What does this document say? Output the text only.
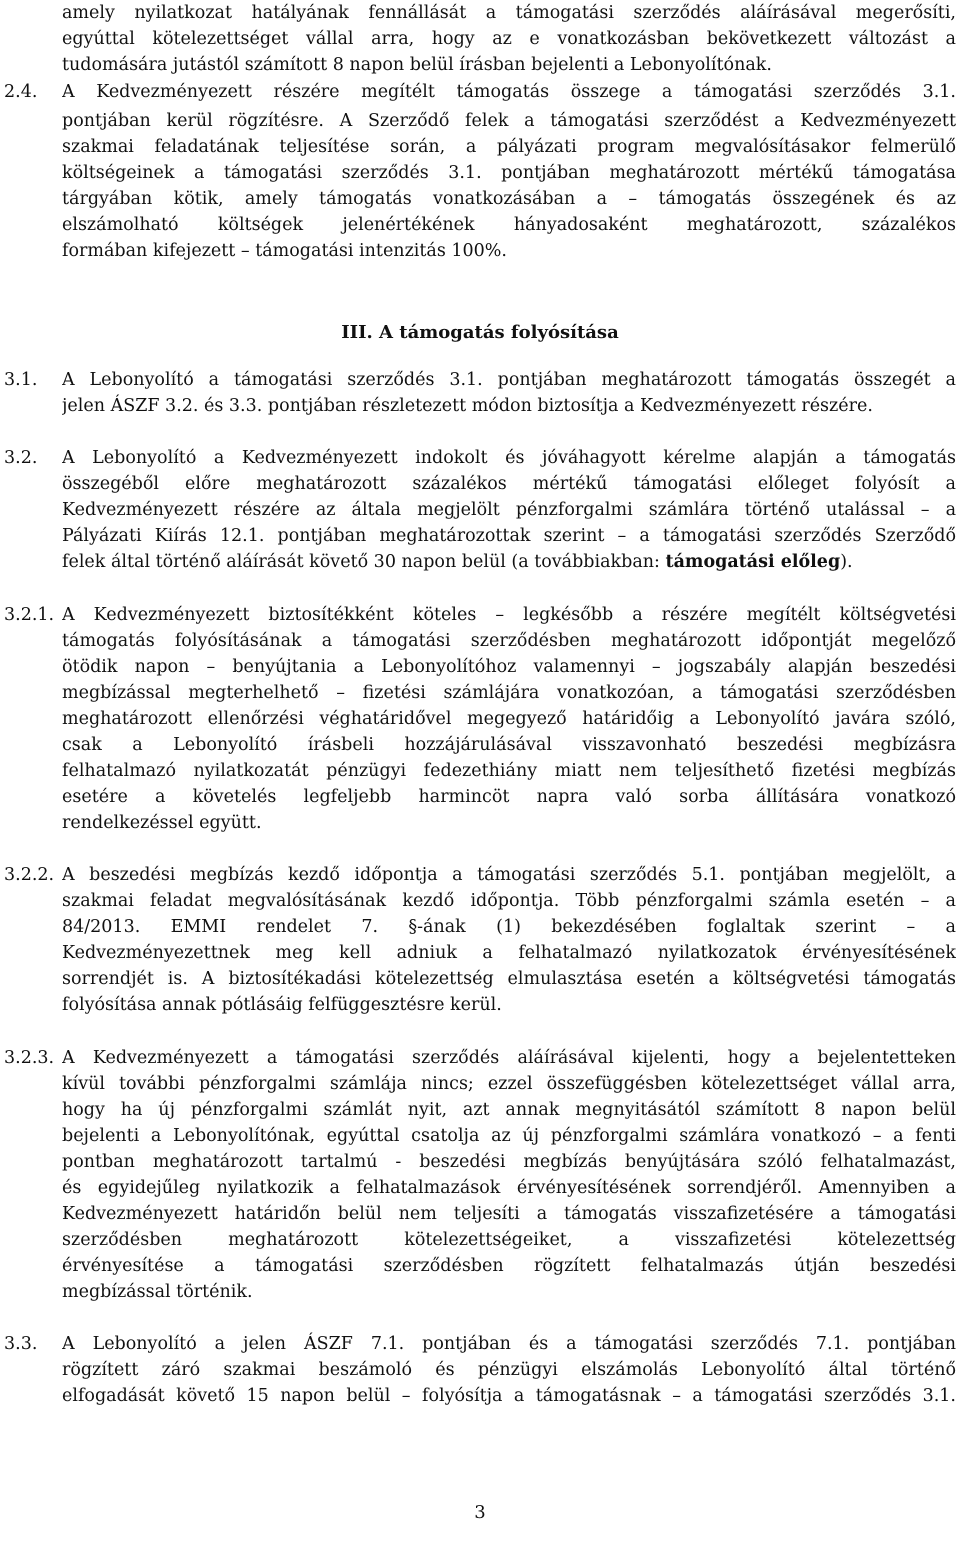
amely nyilatkozat hatályának fennállását a támogatási szerződés aláírásával megerősíti,
egyúttal kötelezettséget vállal arra, hogy az e vonatkozásban bekövetkezett változást a
tudomására jutástól számított 8 napon belül írásban bejelenti a Lebonyolítónak.
2.4. A Kedvezményezett részére megítélt támogatás összege a támogatási szerződés 3.1.
pontjában kerül rögzítésre. A Szerződő felek a támogatási szerződést a Kedvezményezett
szakmai feladatának teljesítése során, a pályázati program megvalósításakor felmerülő
költségeinek a támogatási szerződés 3.1. pontjában meghatározott mértékű támogatása
tárgyában kötik, amely támogatás vonatkozásában a – támogatás összegének és az
elszámolható költségek jelenértékének hányadosaként meghatározott, százalékos
formában kifejezett – támogatási intenzitás 100%.
III. A támogatás folyósítása
3.1. A Lebonyolító a támogatási szerződés 3.1. pontjában meghatározott támogatás összegét a
jelen ÁSZF 3.2. és 3.3. pontjában részletezett módon biztosítja a Kedvezményezett részére.
3.2. A Lebonyolító a Kedvezményezett indokolt és jóváhagyott kérelme alapján a támogatás
összegéből előre meghatározott százalékos mértékű támogatási előleget folyósít a
Kedvezményezett részére az általa megjelölt pénzforgalmi számlára történő utalással – a
Pályázati Kiírás 12.1. pontjában meghatározottak szerint – a támogatási szerződés Szerződő
felek által történő aláírását követő 30 napon belül (a továbbiakban: támogatási előleg).
3.2.1. A Kedvezményezett biztosítékként köteles – legkésőbb a részére megítélt költségvetési
támogatás folyósításának a támogatási szerződésben meghatározott időpontját megelőző
ötödik napon – benyújtania a Lebonyolítóhoz valamennyi – jogszabály alapján beszedési
megbízással megterhelhető – fizetési számlájára vonatkozóan, a támogatási szerződésben
meghatározott ellenőrzési véghatáridővel megegyező határidőig a Lebonyolító javára szóló,
csak a Lebonyolító írásbeli hozzájárulásával visszavonható beszedési megbízásra
felhatalmazó nyilatkozatát pénzügyi fedezethiány miatt nem teljesíthető fizetési megbízás
esetére a követelés legfeljebb harmincöt napra való sorba állítására vonatkozó
rendelkezéssel együtt.
3.2.2. A beszedési megbízás kezdő időpontja a támogatási szerződés 5.1. pontjában megjelölt, a
szakmai feladat megvalósításának kezdő időpontja. Több pénzforgalmi számla esetén – a
84/2013. EMMI rendelet 7. §-ának (1) bekezdésében foglaltak szerint – a
Kedvezményezettnek meg kell adniuk a felhatalmazó nyilatkozatok érvényesítésének
sorrendjét is. A biztosítékadási kötelezettség elmulasztása esetén a költségvetési támogatás
folyósítása annak pótlásáig felfüggesztésre kerül.
3.2.3. A Kedvezményezett a támogatási szerződés aláírásával kijelenti, hogy a bejelentetteken
kívül további pénzforgalmi számlája nincs; ezzel összefüggésben kötelezettséget vállal arra,
hogy ha új pénzforgalmi számlát nyit, azt annak megnyitásától számított 8 napon belül
bejelenti a Lebonyolítónak, egyúttal csatolja az új pénzforgalmi számlára vonatkozó – a fenti
pontban meghatározott tartalmú - beszedési megbízás benyújtására szóló felhatalmazást,
és egyidejűleg nyilatkozik a felhatalmazások érvényesítésének sorrendjéről. Amennyiben a
Kedvezményezett határidőn belül nem teljesíti a támogatás visszafizetésére a támogatási
szerződésben meghatározott kötelezettségeiket, a visszafizetési kötelezettség
érvényesítése a támogatási szerződésben rögzített felhatalmazás útján beszedési
megbízással történik.
3.3. A Lebonyolító a jelen ÁSZF 7.1. pontjában és a támogatási szerződés 7.1. pontjában
rögzített záró szakmai beszámoló és pénzügyi elszámolás Lebonyolító által történő
elfogadását követő 15 napon belül – folyósítja a támogatásnak – a támogatási szerződés 3.1.
3
